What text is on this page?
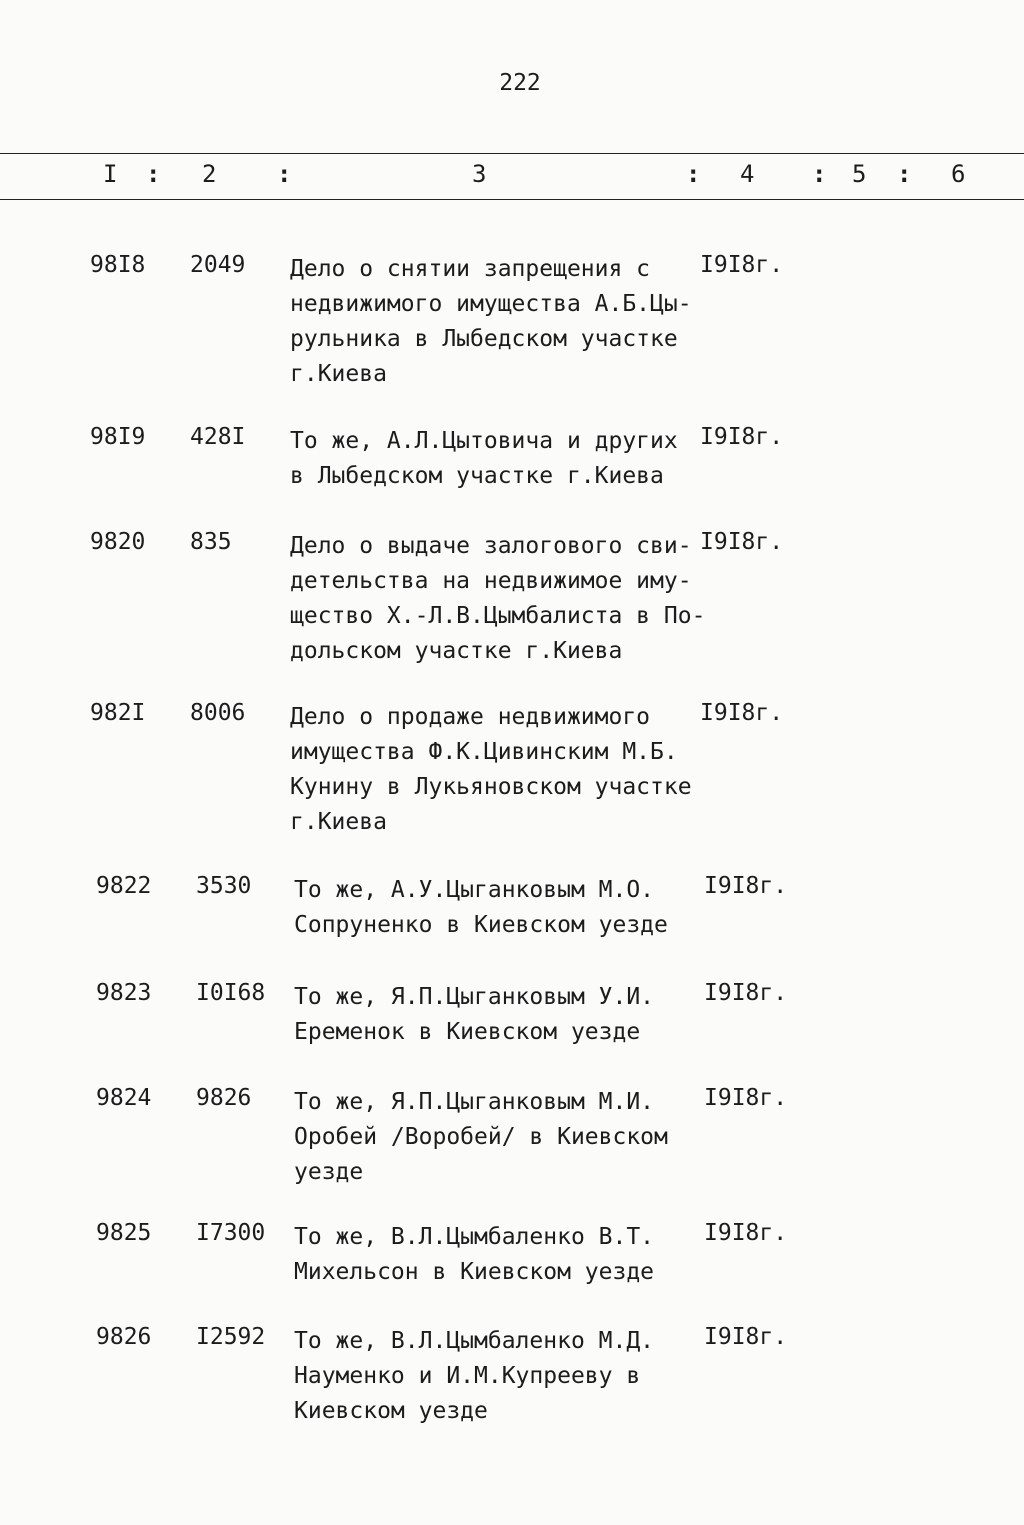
222
I : 2	:	3	: 4 : 5 : 6
98I8 2049 Дело о снятии запрещения с
недвижимого имущества А.Б.Цы-
рульника в Лыбедском участке
г.Киева
I9I8г.
98I9 428I То же, А.Л.Цытовича и других
в Лыбедском участке г.Киева
I9I8г.
9820 835	Дело о выдаче залогового сви-
детельства на недвижимое иму-
щество Х.-Л.В.Цымбалиста в По-
дольском участке г.Киева
I9I8г.
982I 8006 Дело о продаже недвижимого
имущества Ф.К.Цивинским М.Б.
Кунину в Лукьяновском участке
г.Киева
I9I8г.
9822 3530 То же, А.У.Цыганковым М.О.
Сопруненко в Киевском уезде
I9I8г.
9823 I0I68 То же, Я.П.Цыганковым У.И.
Еременок в Киевском уезде
I9I8г.
9824 9826 То же, Я.П.Цыганковым М.И.
Оробей /Воробей/ в Киевском
уезде
I9I8г.
9825 I7300 То же, В.Л.Цымбаленко В.Т.
Михельсон в Киевском уезде
I9I8г.
9826 I2592 То же, В.Л.Цымбаленко М.Д.
Науменко и И.М.Купрееву в
Киевском уезде
I9I8г.
